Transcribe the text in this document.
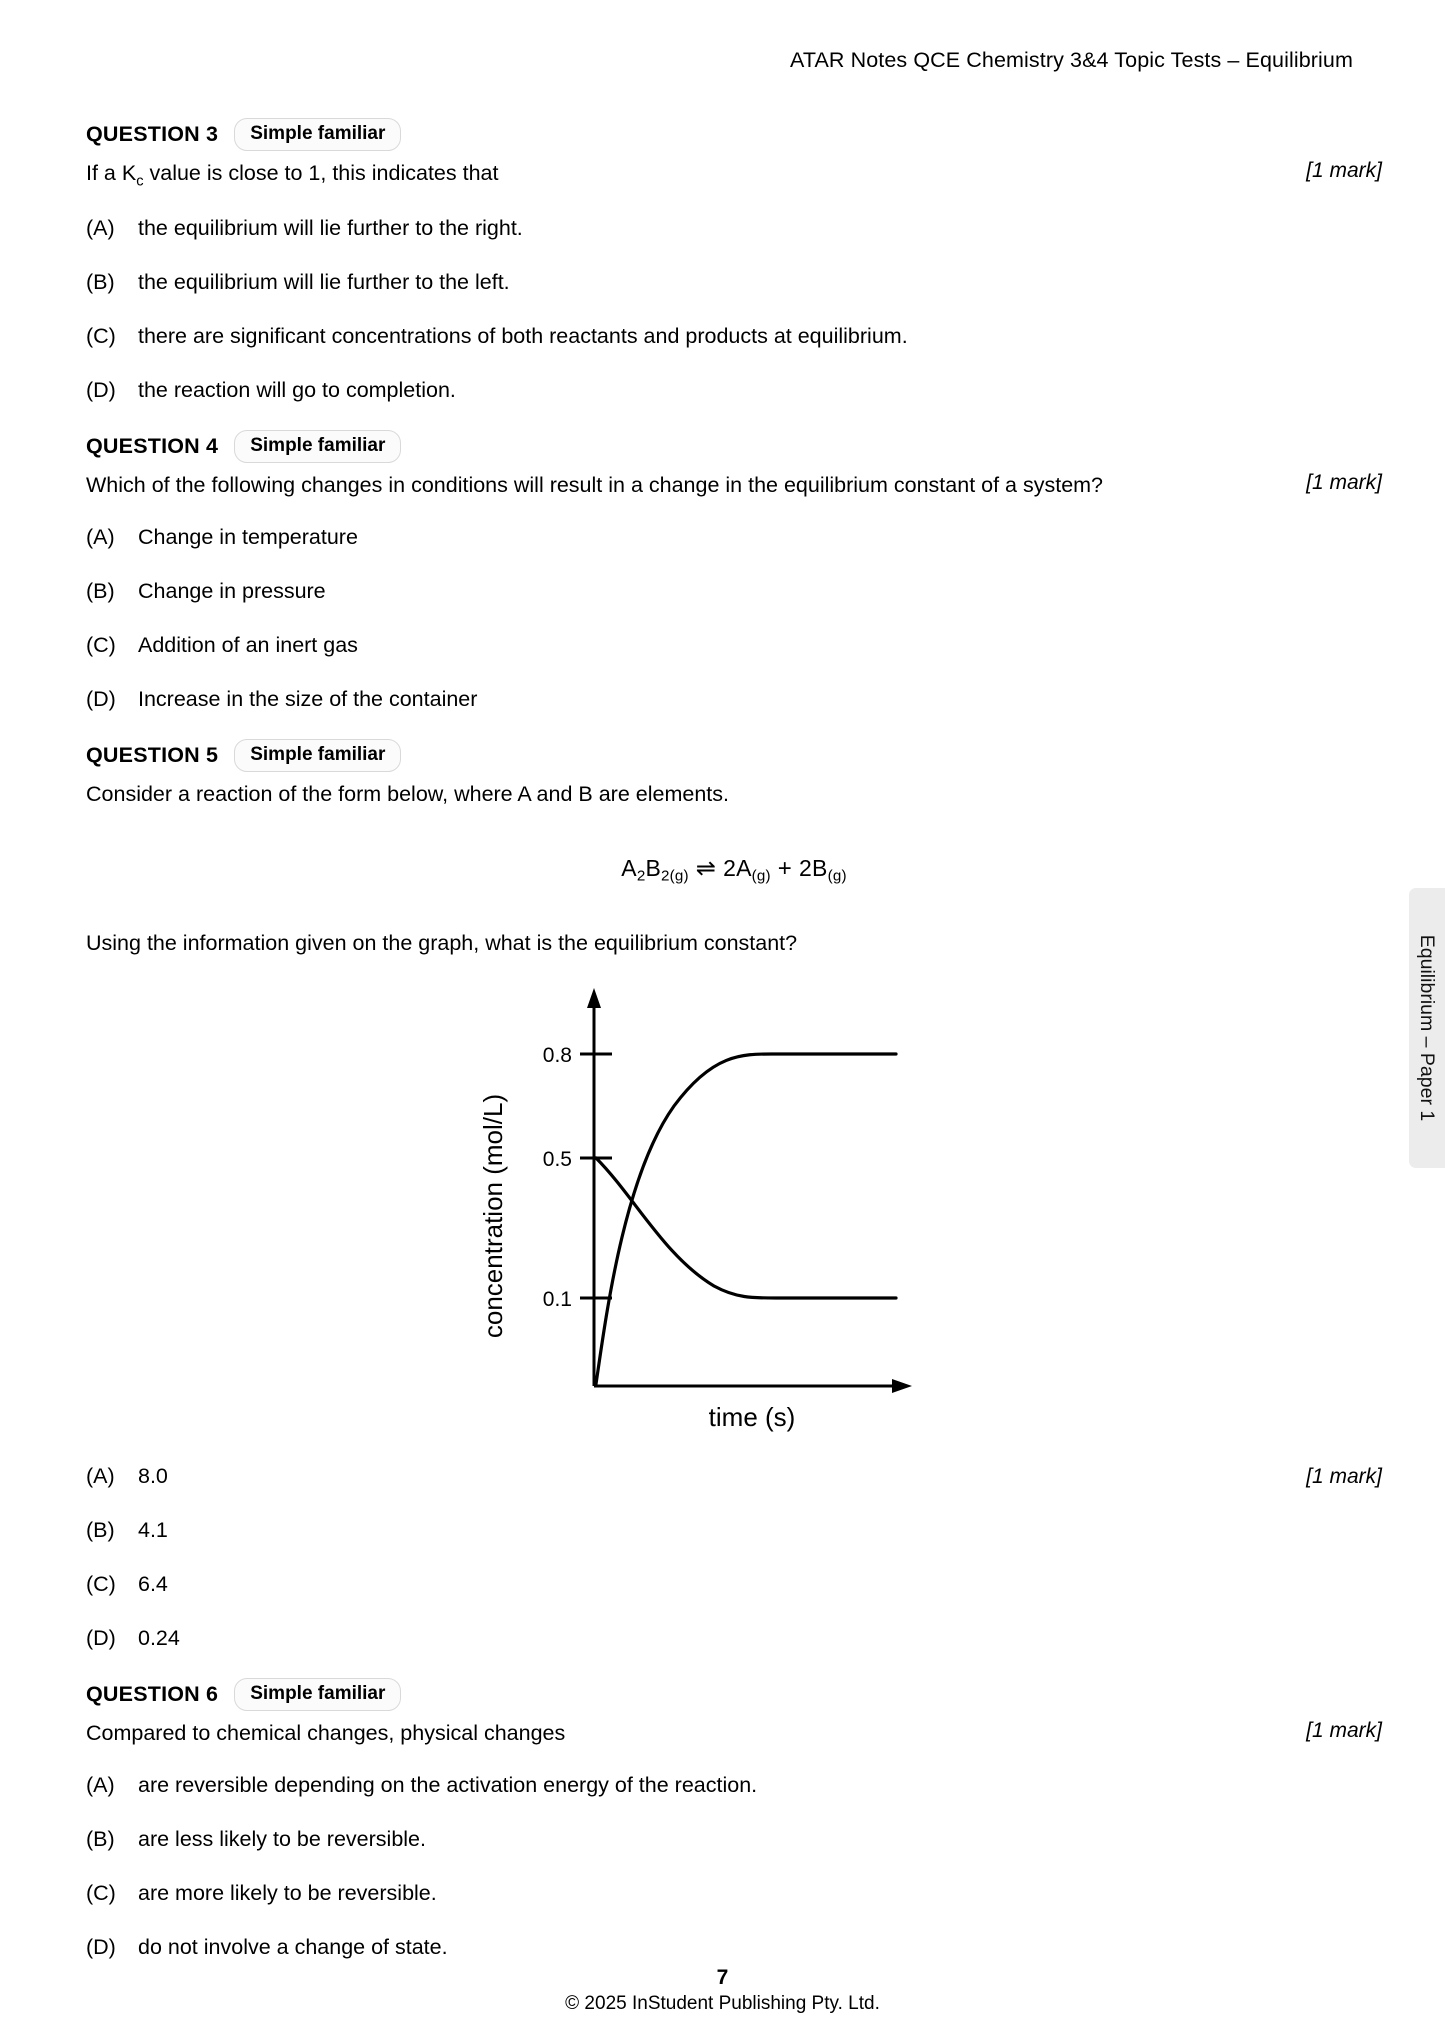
ATAR Notes QCE Chemistry 3&4 Topic Tests – Equilibrium
Equilibrium – Paper 1
QUESTION 3	Simple familiar
If a $K_c$ value is close to 1, this indicates that	[1 mark]
(A)	the equilibrium will lie further to the right.
(B)	the equilibrium will lie further to the left.
(C)	there are significant concentrations of both reactants and products at equilibrium.
(D)	the reaction will go to completion.
QUESTION 4	Simple familiar
Which of the following changes in conditions will result in a change in the equilibrium constant of a system?	[1 mark]
(A)	Change in temperature
(B)	Change in pressure
(C)	Addition of an inert gas
(D)	Increase in the size of the container
QUESTION 5	Simple familiar
Consider a reaction of the form below, where A and B are elements.
A2B2(g) ⇌ 2A(g) + 2B(g)
Using the information given on the graph, what is the equilibrium constant?
0.8
0.5
0.1
concentration (mol/L)
time (s)
(A)	8.0	[1 mark]
(B)	4.1
(C)	6.4
(D)	0.24
QUESTION 6	Simple familiar
Compared to chemical changes, physical changes	[1 mark]
(A)	are reversible depending on the activation energy of the reaction.
(B)	are less likely to be reversible.
(C)	are more likely to be reversible.
(D)	do not involve a change of state.
7
© 2025 InStudent Publishing Pty. Ltd.
